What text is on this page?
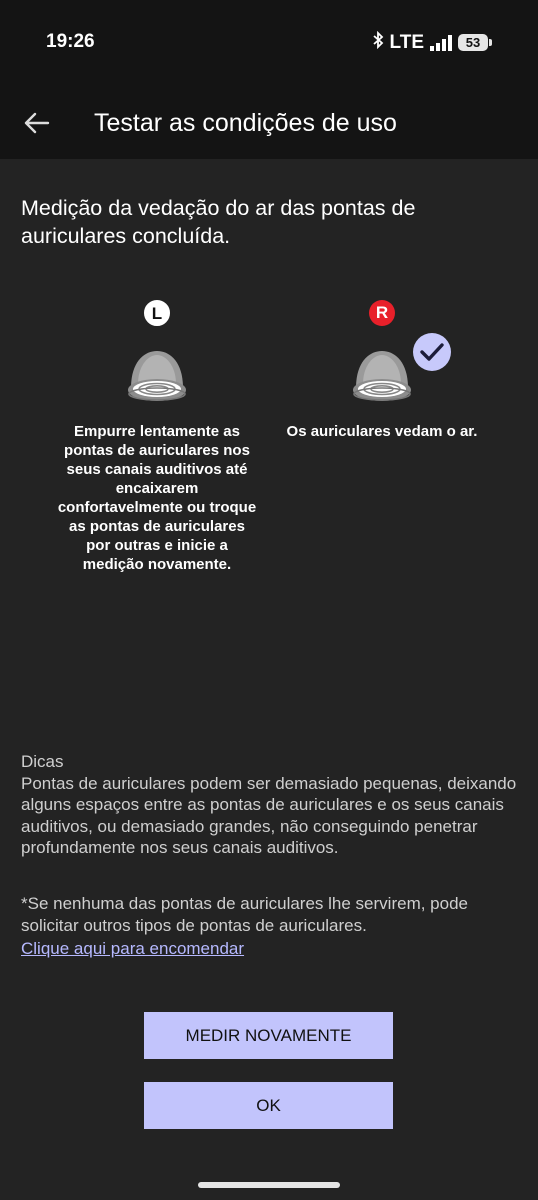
19:26	LTE	53
Testar as condições de uso
Medição da vedação do ar das pontas de auriculares concluída.
L
Empurre lentamente as pontas de auriculares nos seus canais auditivos até encaixarem confortavelmente ou troque as pontas de auriculares por outras e inicie a medição novamente.
R
Os auriculares vedam o ar.
Dicas
Pontas de auriculares podem ser demasiado pequenas, deixando alguns espaços entre as pontas de auriculares e os seus canais auditivos, ou demasiado grandes, não conseguindo penetrar profundamente nos seus canais auditivos.
*Se nenhuma das pontas de auriculares lhe servirem, pode solicitar outros tipos de pontas de auriculares.
Clique aqui para encomendar
MEDIR NOVAMENTE
OK
